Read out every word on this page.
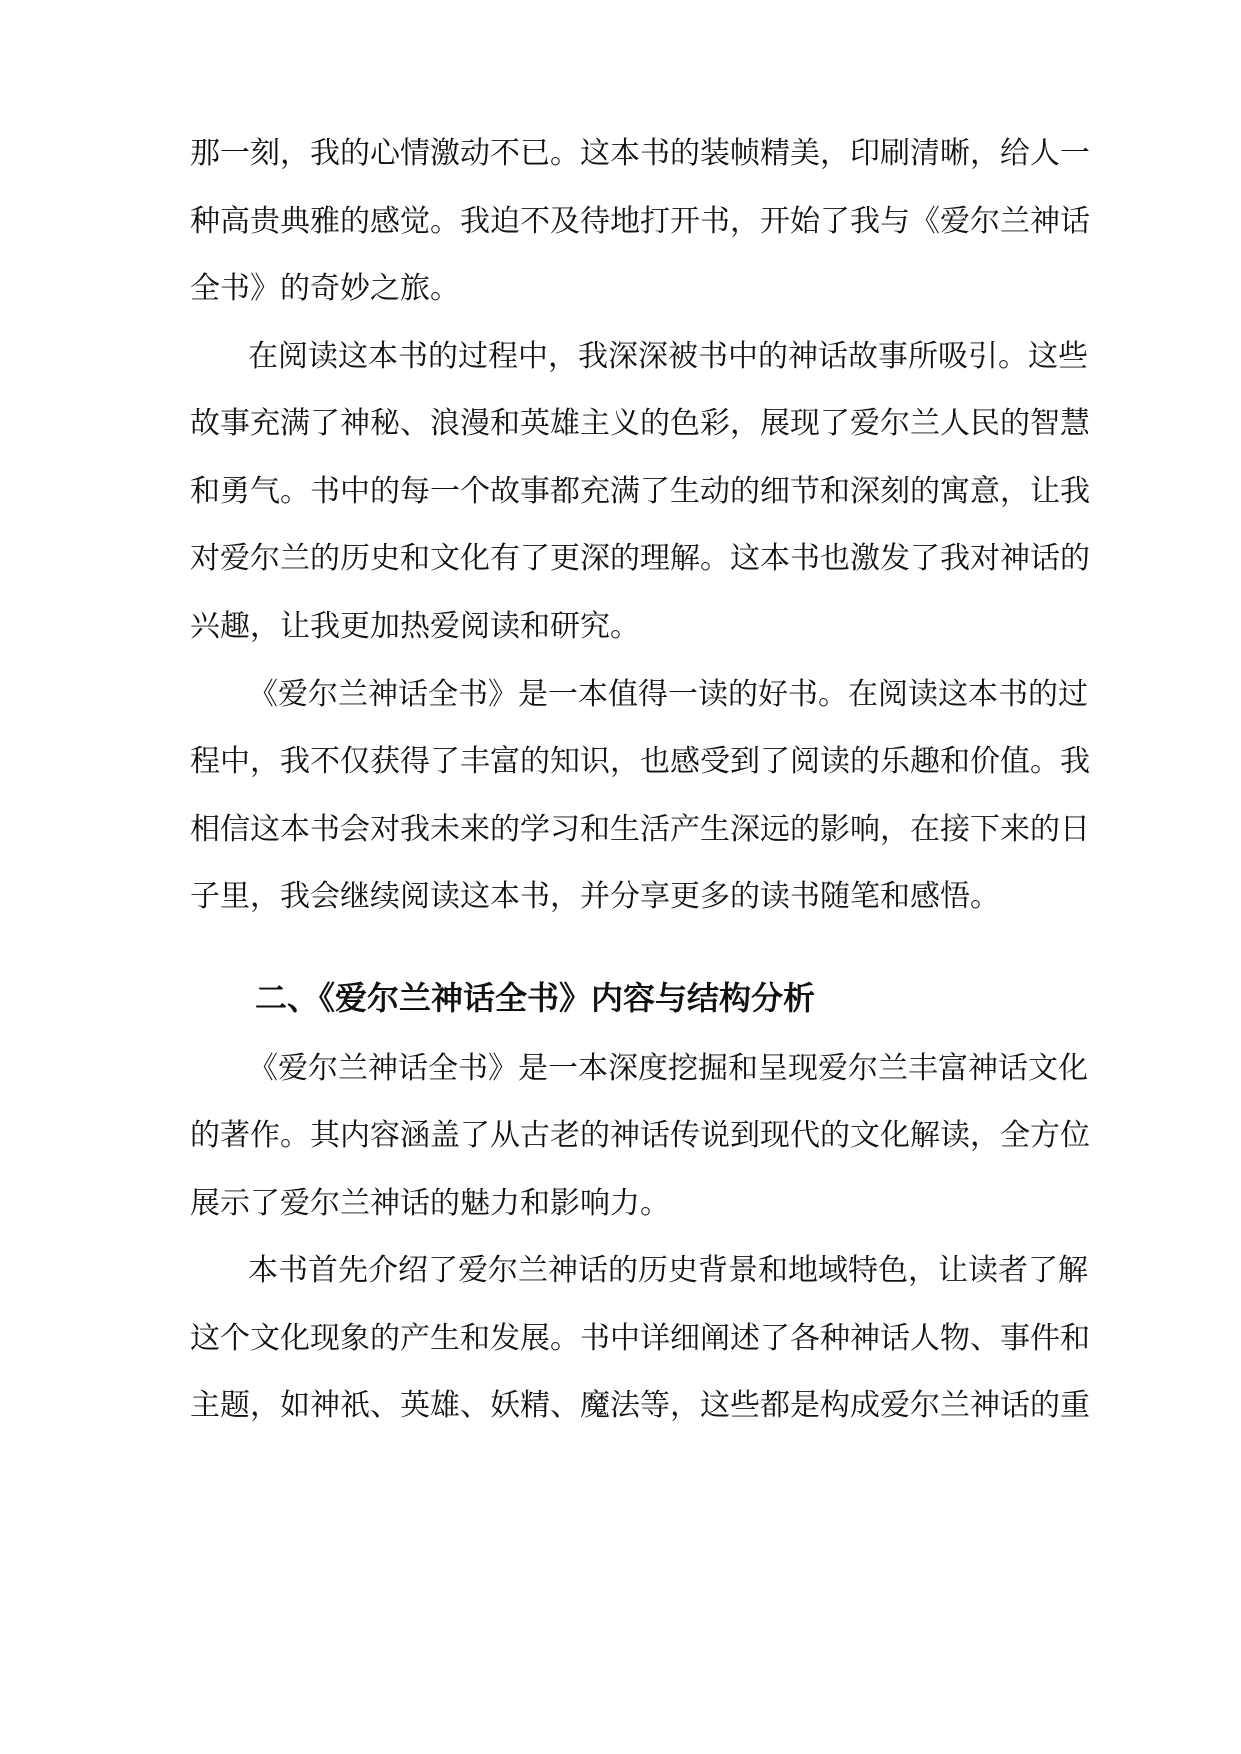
那一刻，我的心情激动不已。这本书的装帧精美，印刷清晰，给人一
种高贵典雅的感觉。我迫不及待地打开书，开始了我与《爱尔兰神话
全书》的奇妙之旅。
在阅读这本书的过程中，我深深被书中的神话故事所吸引。这些
故事充满了神秘、浪漫和英雄主义的色彩，展现了爱尔兰人民的智慧
和勇气。书中的每一个故事都充满了生动的细节和深刻的寓意，让我
对爱尔兰的历史和文化有了更深的理解。这本书也激发了我对神话的
兴趣，让我更加热爱阅读和研究。
《爱尔兰神话全书》是一本值得一读的好书。在阅读这本书的过
程中，我不仅获得了丰富的知识，也感受到了阅读的乐趣和价值。我
相信这本书会对我未来的学习和生活产生深远的影响，在接下来的日
子里，我会继续阅读这本书，并分享更多的读书随笔和感悟。
二、《爱尔兰神话全书》内容与结构分析
《爱尔兰神话全书》是一本深度挖掘和呈现爱尔兰丰富神话文化
的著作。其内容涵盖了从古老的神话传说到现代的文化解读，全方位
展示了爱尔兰神话的魅力和影响力。
本书首先介绍了爱尔兰神话的历史背景和地域特色，让读者了解
这个文化现象的产生和发展。书中详细阐述了各种神话人物、事件和
主题，如神祇、英雄、妖精、魔法等，这些都是构成爱尔兰神话的重
